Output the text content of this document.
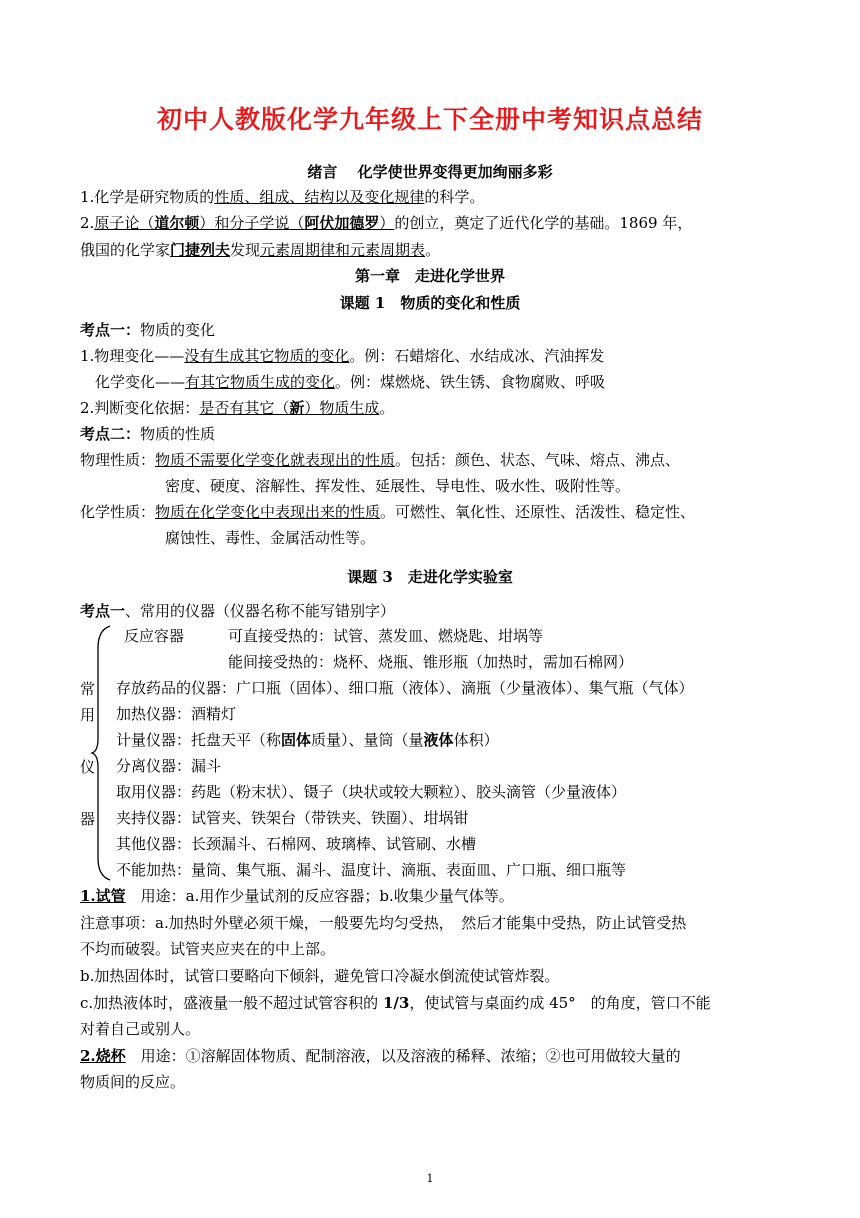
初中人教版化学九年级上下全册中考知识点总结
绪言　 化学使世界变得更加绚丽多彩
1.化学是研究物质的性质、组成、结构以及变化规律的科学。
2.原子论（道尔顿）和分子学说（阿伏加德罗）的创立，奠定了近代化学的基础。1869 年，
俄国的化学家门捷列夫发现元素周期律和元素周期表。
第一章　走进化学世界
课题 1　物质的变化和性质
考点一：物质的变化
1.物理变化——没有生成其它物质的变化。例：石蜡熔化、水结成冰、汽油挥发
化学变化——有其它物质生成的变化。例：煤燃烧、铁生锈、食物腐败、呼吸
2.判断变化依据：是否有其它（新）物质生成。
考点二：物质的性质
物理性质：物质不需要化学变化就表现出的性质。包括：颜色、状态、气味、熔点、沸点、
密度、硬度、溶解性、挥发性、延展性、导电性、吸水性、吸附性等。
化学性质：物质在化学变化中表现出来的性质。可燃性、氧化性、还原性、活泼性、稳定性、
腐蚀性、毒性、金属活动性等。
课题 3　走进化学实验室
考点一、常用的仪器（仪器名称不能写错别字）
常
用
仪
器
反应容器	可直接受热的：试管、蒸发皿、燃烧匙、坩埚等
能间接受热的：烧杯、烧瓶、锥形瓶（加热时，需加石棉网）
存放药品的仪器：广口瓶（固体）、细口瓶（液体）、滴瓶（少量液体）、集气瓶（气体）
加热仪器：酒精灯
计量仪器：托盘天平（称固体质量）、量筒（量液体体积）
分离仪器：漏斗
取用仪器：药匙（粉末状）、镊子（块状或较大颗粒）、胶头滴管（少量液体）
夹持仪器：试管夹、铁架台（带铁夹、铁圈）、坩埚钳
其他仪器：长颈漏斗、石棉网、玻璃棒、试管刷、水槽
不能加热：量筒、集气瓶、漏斗、温度计、滴瓶、表面皿、广口瓶、细口瓶等
1.试管　用途：a.用作少量试剂的反应容器；b.收集少量气体等。
注意事项：a.加热时外壁必须干燥，一般要先均匀受热，　然后才能集中受热，防止试管受热
不均而破裂。试管夹应夹在的中上部。
b.加热固体时，试管口要略向下倾斜，避免管口冷凝水倒流使试管炸裂。
c.加热液体时，盛液量一般不超过试管容积的 1/3，使试管与桌面约成 45°　的角度，管口不能
对着自己或别人。
2.烧杯　用途：①溶解固体物质、配制溶液，以及溶液的稀释、浓缩；②也可用做较大量的
物质间的反应。
1
